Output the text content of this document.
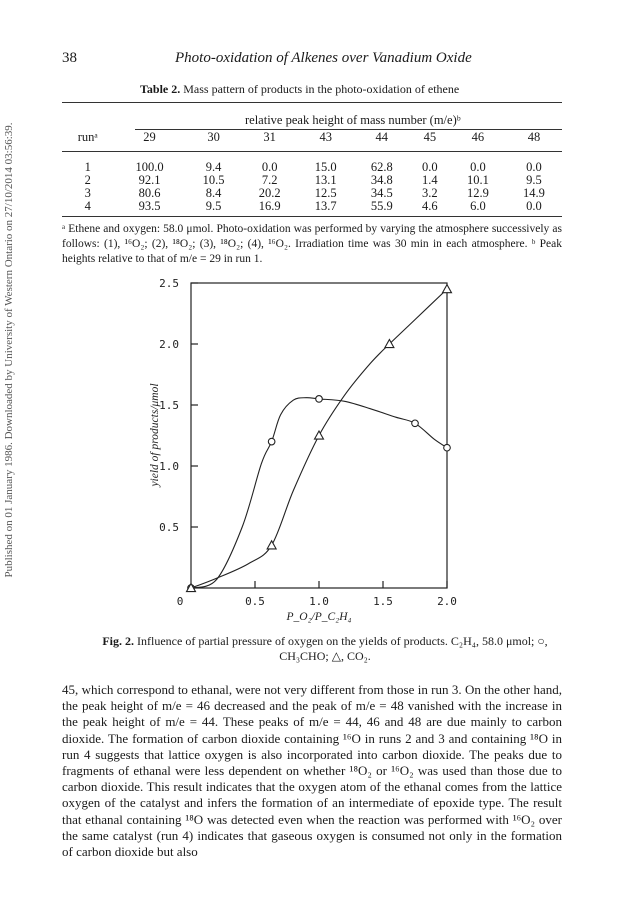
Published on 01 January 1986. Downloaded by University of Western Ontario on 27/10/2014 03:56:39.
38	Photo-oxidation of Alkenes over Vanadium Oxide
Table 2. Mass pattern of products in the photo-oxidation of ethene
relative peak height of mass number (m/e)ᵇ
runᵃ	29	30	31	43	44	45	46	48
1	100.0	9.4	0.0	15.0	62.8	0.0	0.0	0.0
2	92.1	10.5	7.2	13.1	34.8	1.4	10.1	9.5
3	80.6	8.4	20.2	12.5	34.5	3.2	12.9	14.9
4	93.5	9.5	16.9	13.7	55.9	4.6	6.0	0.0
ᵃ Ethene and oxygen: 58.0 μmol. Photo-oxidation was performed by varying the atmosphere successively as follows: (1), ¹⁶O₂; (2), ¹⁸O₂; (3), ¹⁸O₂; (4), ¹⁶O₂. Irradiation time was 30 min in each atmosphere. ᵇ Peak heights relative to that of m/e = 29 in run 1.
0.5
1.0
1.5
2.0
2.5
0	0.5	1.0	1.5	2.0
yield of products/μmol
P_O₂/P_C₂H₄
Fig. 2. Influence of partial pressure of oxygen on the yields of products. C₂H₄, 58.0 μmol; ○, CH₃CHO; △, CO₂.

45, which correspond to ethanal, were not very different from those in run 3. On the other hand, the peak height of m/e = 46 decreased and the peak of m/e = 48 vanished with the increase in the peak height of m/e = 44. These peaks of m/e = 44, 46 and 48 are due mainly to carbon dioxide. The formation of carbon dioxide containing ¹⁶O in runs 2 and 3 and containing ¹⁸O in run 4 suggests that lattice oxygen is also incorporated into carbon dioxide. The peaks due to fragments of ethanal were less dependent on whether ¹⁸O₂ or ¹⁶O₂ was used than those due to carbon dioxide. This result indicates that the oxygen atom of the ethanal comes from the lattice oxygen of the catalyst and infers the formation of an intermediate of epoxide type. The result that ethanal containing ¹⁸O was detected even when the reaction was performed with ¹⁶O₂ over the same catalyst (run 4) indicates that gaseous oxygen is consumed not only in the formation of carbon dioxide but also
